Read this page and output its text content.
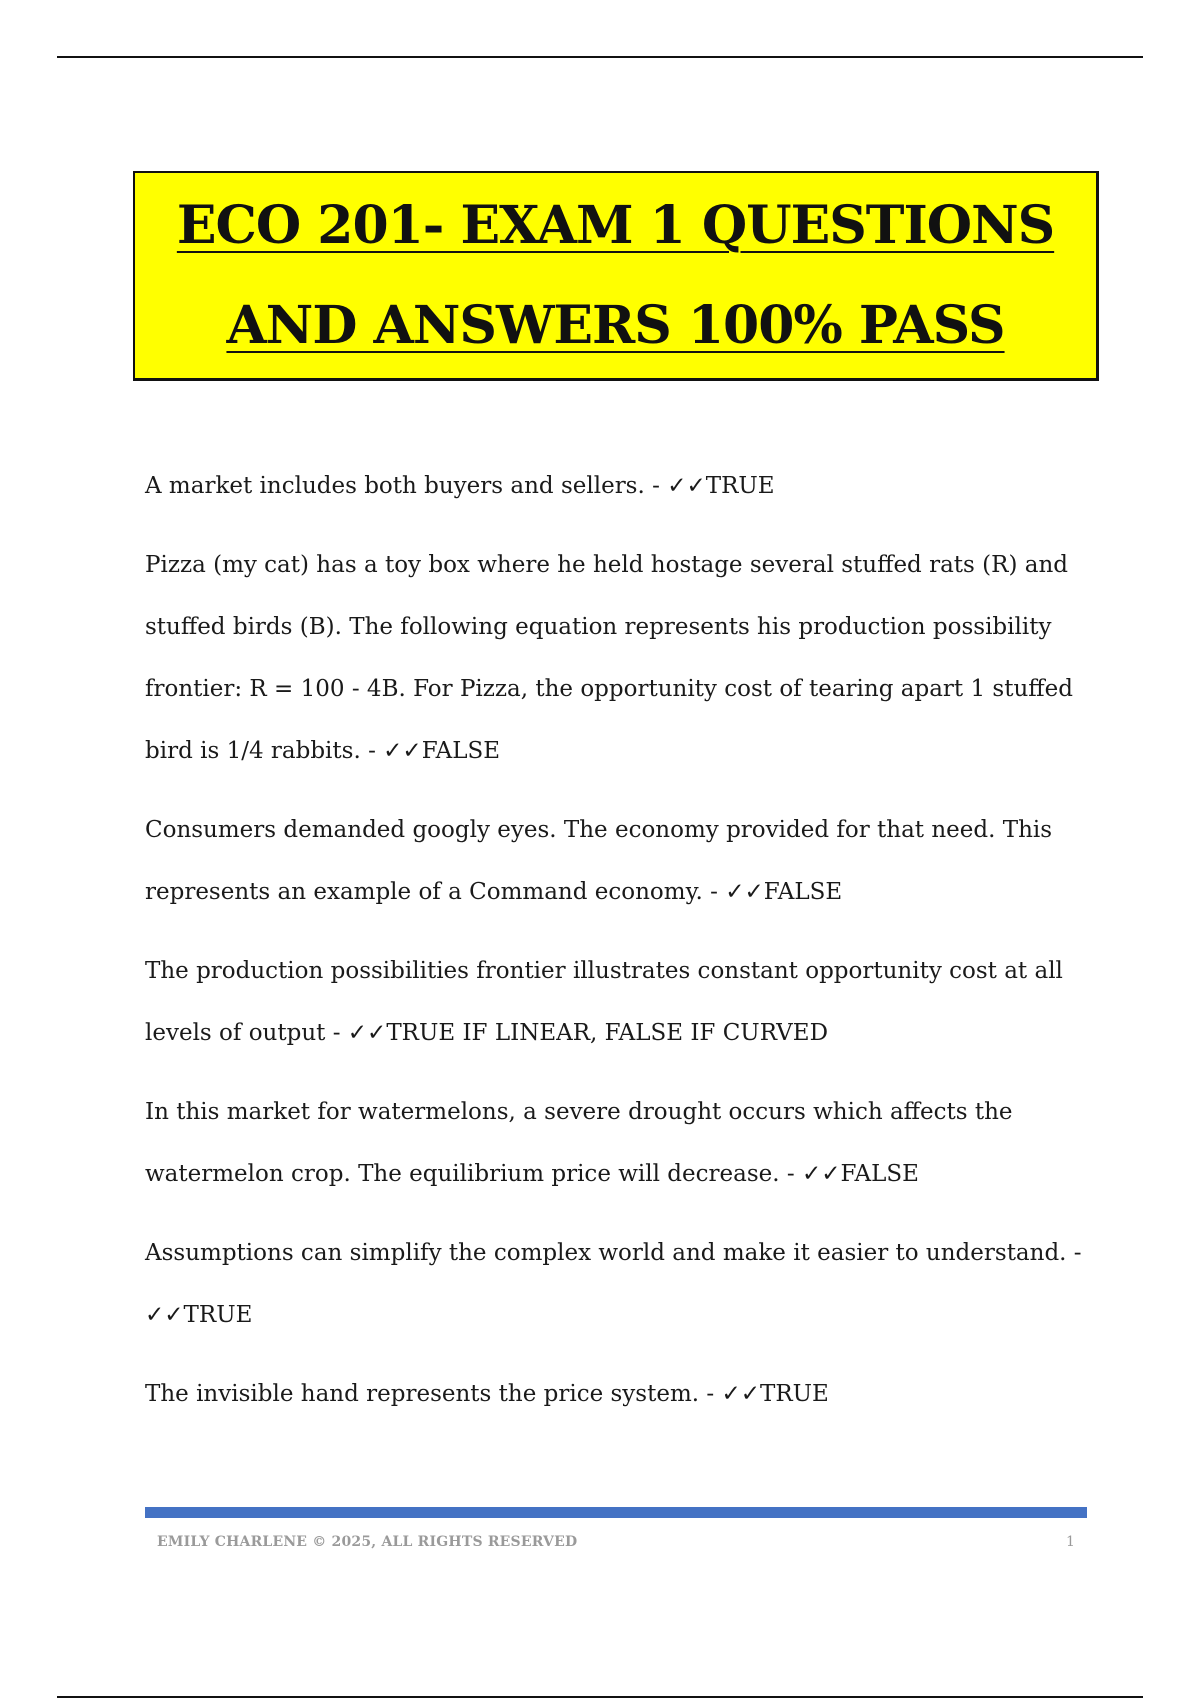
ECO 201- EXAM 1 QUESTIONS
AND ANSWERS 100% PASS

A market includes both buyers and sellers. - ✓✓TRUE

Pizza (my cat) has a toy box where he held hostage several stuffed rats (R) and stuffed birds (B). The following equation represents his production possibility frontier: R = 100 - 4B. For Pizza, the opportunity cost of tearing apart 1 stuffed bird is 1/4 rabbits. - ✓✓FALSE

Consumers demanded googly eyes. The economy provided for that need. This represents an example of a Command economy. - ✓✓FALSE

The production possibilities frontier illustrates constant opportunity cost at all levels of output - ✓✓TRUE IF LINEAR, FALSE IF CURVED

In this market for watermelons, a severe drought occurs which affects the watermelon crop. The equilibrium price will decrease. - ✓✓FALSE

Assumptions can simplify the complex world and make it easier to understand. - ✓✓TRUE

The invisible hand represents the price system. - ✓✓TRUE

EMILY CHARLENE © 2025, ALL RIGHTS RESERVED	1
